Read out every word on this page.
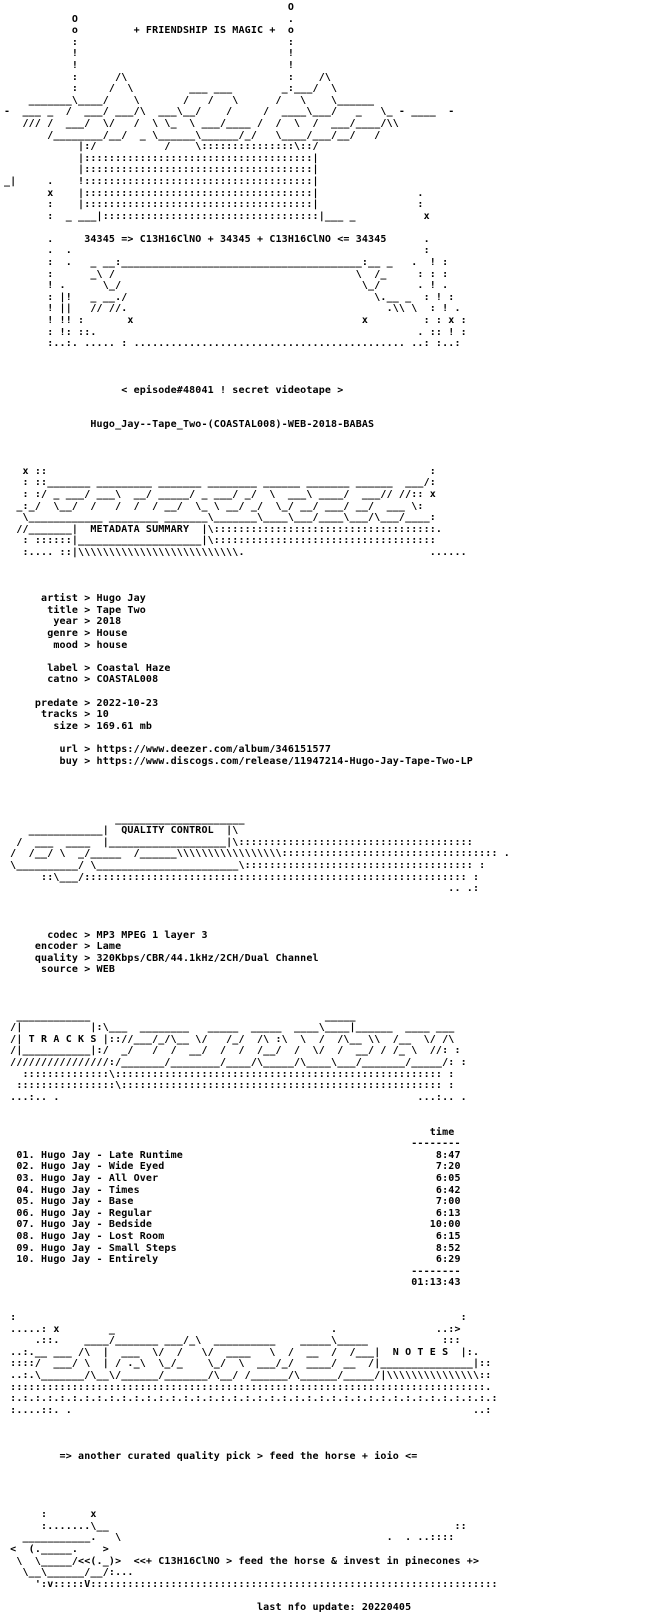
O
O                                  .
o         + FRIENDSHIP IS MAGIC +  o
:                                  :
!                                  !
!                                  !
:      /\                          :    /\
:     /  \         ___ ___        _:___/  \
_______\____/    \       /   /   \      /   \    \______
-  ___ _  /  ___/ ___/\  ___\__/    /     /  ____\___/   _   \_ - ____  -
/// /  ___/  \/   /  \ \_  \ ___/____ /  /  \  /  ___/____/\\
/________/__/  _ \______\______/_/   \____/___/__/   /
|:/           /    \:::::::::::::::\::/
|:::::::::::::::::::::::::::::::::::::|
|:::::::::::::::::::::::::::::::::::::|
_|     .    !:::::::::::::::::::::::::::::::::::::|
x    |:::::::::::::::::::::::::::::::::::::|                .
:    |:::::::::::::::::::::::::::::::::::::|                :
:  _ ___|:::::::::::::::::::::::::::::::::::|___ _           x
.     34345 => C13H16ClNO + 34345 + C13H16ClNO <= 34345      .
.  .                                                         :
:  .   _ __:_______________________________________:__ _   .  ! :
:      _\ /                                       \  /_     : : :
! .      \_/                                       \_/      . ! .
: |!   _ __./                                        \.__ _  : ! :
! ||   // //.                                          .\\ \  : ! .
! !! :       x                                     x         : : x :
: !: ::.                                                    . :: ! :
:..:. ..... : ............................................ ..: :..:
< episode#48041 ! secret videotape >
Hugo_Jay--Tape_Two-(COASTAL008)-WEB-2018-BABAS
x ::                                                              :
: ::_______ _________ _______ ________ ______ _______ ______  ___/:
: :/ _ ___/ ___\  __/ _____/ _ ___/ _/  \  ___\ ____/  ___// //:: x
_:_/  \__/  /   /  /  / __/  \_ \ __/ _/  \_/ __/ ___/ __/  ___ \:
\____________ ________ _______\_______\____\___/____\___/\___/____:
//_______|  METADATA SUMMARY  |\::::::::::::::::::::::::::::::::::::.
: ::::::|____________________|\::::::::::::::::::::::::::::::::::::
:.... ::|\\\\\\\\\\\\\\\\\\\\\\\\\\.                              ......
artist > Hugo Jay
title > Tape Two
year > 2018
genre > House
mood > house
label > Coastal Haze
catno > COASTAL008
predate > 2022-10-23
tracks > 10
size > 169.61 mb
url > https://www.deezer.com/album/346151577
buy > https://www.discogs.com/release/11947214-Hugo-Jay-Tape-Two-LP
_____________________
____________|  QUALITY CONTROL  |\
/  ___  ____  |___________________|\::::::::::::::::::::::::::::::::::::::
/  /__/ \  _/_____  /______\\\\\\\\\\\\\\\\\::::::::::::::::::::::::::::::::::: .
\__________/ \_______________________\::::::::::::::::::::::::::::::::::::: :
::\___/:::::::::::::::::::::::::::::::::::::::::::::::::::::::::::::: :
.. .:
codec > MP3 MPEG 1 layer 3
encoder > Lame
quality > 320Kbps/CBR/44.1kHz/2CH/Dual Channel
source > WEB
____________                                      _____
/|           |:\___  ________   _____  _____  ____\____|______  ____ ___
/| T R A C K S |:://___/_/\__ \/   /_/  /\ :\  \  /  /\__ \\  /__  \/ /\
/|___________|:/  _/   /  /  __/  /  /  /__/  /  \/  /  __/ / /_ \  //: :
////////////////:/_______/________/____/\_____/\____\___/_______/_____/: :
::::::::::::::\::::::::::::::::::::::::::::::::::::::::::::::::::::: :
::::::::::::::::\:::::::::::::::::::::::::::::::::::::::::::::::::::: :
...:.. .                                                          ...:.. .
time
--------
01. Hugo Jay - Late Runtime                                         8:47
02. Hugo Jay - Wide Eyed                                            7:20
03. Hugo Jay - All Over                                             6:05
04. Hugo Jay - Times                                                6:42
05. Hugo Jay - Base                                                 7:00
06. Hugo Jay - Regular                                              6:13
07. Hugo Jay - Bedside                                             10:00
08. Hugo Jay - Lost Room                                            6:15
09. Hugo Jay - Small Steps                                          8:52
10. Hugo Jay - Entirely                                             6:29
--------
01:13:43
:                                                                        :
.....: x        _                                   .                ..:>
.::.    ____/_______ ___/_\  __________    _____\_____            :::
..:.__ ___ /\  |  ___  \/  /   \/  ____   \  /  __  /  /___|  N O T E S  |:.
::::/  ___/ \  | / ._\  \_/_    \_/  \  ___/_/  ____/ __  /|_______________|::
..:.\_______/\__\/______/_______/\__/ /______/\______/_____/|\\\\\\\\\\\\\\\::
:::::::::::::::::::::::::::::::::::::::::::::::::::::::::::::::::::::::::::::.
:.:.:.:.:.:.:.:.:.:.:.:.:.:.:.:.:.:.:.:.:.:.:.:.:.:.:.:.:.:.:.:.:.:.:.:.:.:.:.:
:....::. .                                                                 ..:
=> another curated quality pick > feed the horse + ioio <=
:       x
:.......\__                                                        ::
___________.   \                                           .  . ..::::
<  (._____.    >
\  \_____/<<(._)>  <<+ C13H16ClNO > feed the horse & invest in pinecones +>
\__\______/__/:...
':v:::::V::::::::::::::::::::::::::::::::::::::::::::::::::::::::::::::::::
last nfo update: 20220405
